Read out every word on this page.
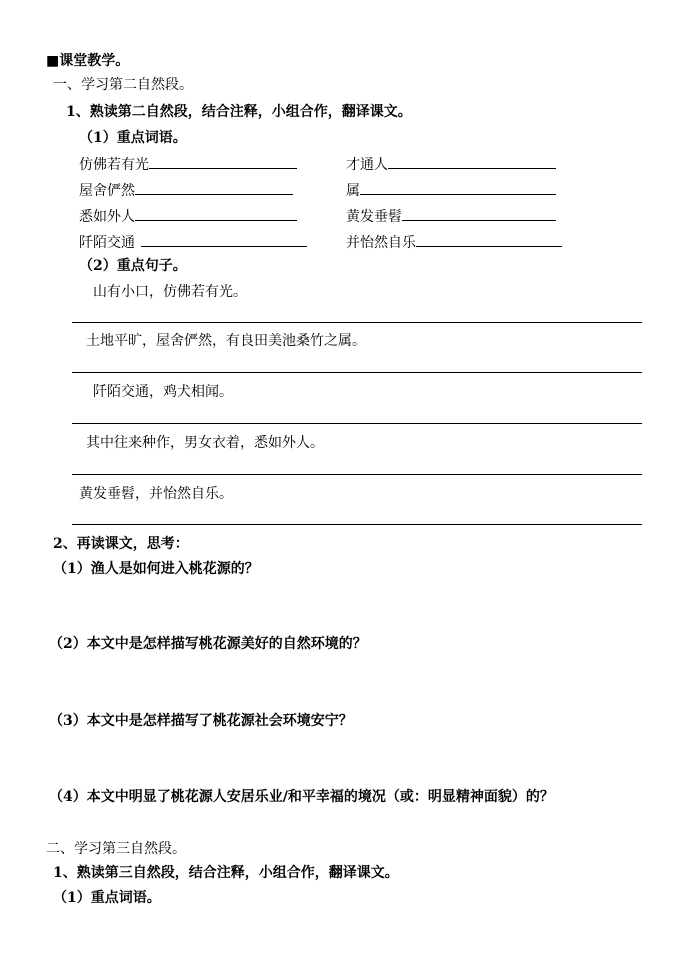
■课堂教学。
一、学习第二自然段。
1、熟读第二自然段，结合注释，小组合作，翻译课文。
（1）重点词语。
仿佛若有光	才通人
屋舍俨然	属
悉如外人	黄发垂髫
阡陌交通	并怡然自乐
（2）重点句子。
山有小口，仿佛若有光。
土地平旷，屋舍俨然，有良田美池桑竹之属。
阡陌交通，鸡犬相闻。
其中往来种作，男女衣着，悉如外人。
黄发垂髫，并怡然自乐。
2、再读课文，思考：
（1）渔人是如何进入桃花源的？
（2）本文中是怎样描写桃花源美好的自然环境的？
（3）本文中是怎样描写了桃花源社会环境安宁？
（4）本文中明显了桃花源人安居乐业/和平幸福的境况（或：明显精神面貌）的？
二、学习第三自然段。
1、熟读第三自然段，结合注释，小组合作，翻译课文。
（1）重点词语。
